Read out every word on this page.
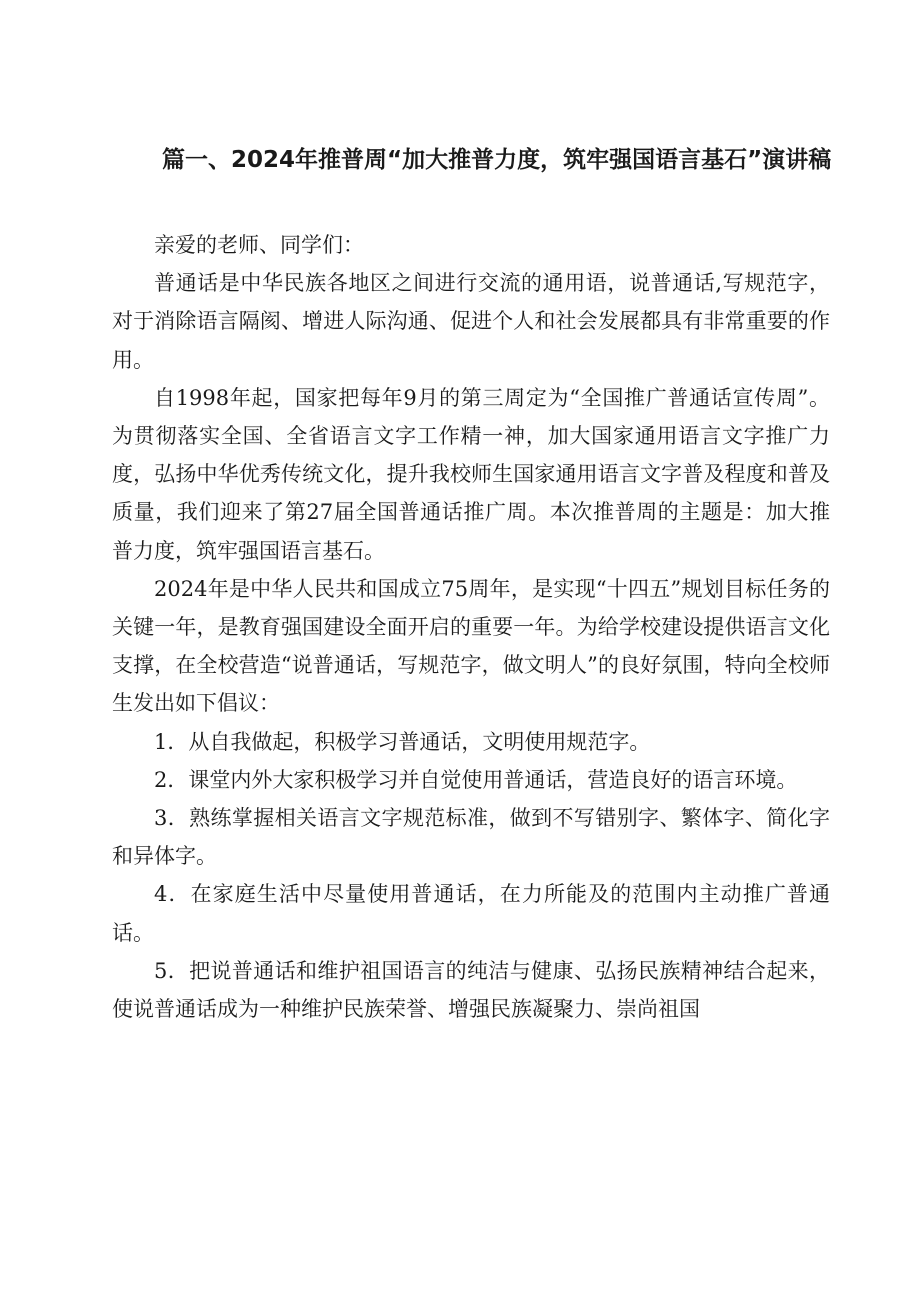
篇一、2024年推普周“加大推普力度，筑牢强国语言基石”演讲稿

亲爱的老师、同学们：

普通话是中华民族各地区之间进行交流的通用语，说普通话,写规范字，对于消除语言隔阂、增进人际沟通、促进个人和社会发展都具有非常重要的作用。

自1998年起，国家把每年9月的第三周定为“全国推广普通话宣传周”。为贯彻落实全国、全省语言文字工作精一神，加大国家通用语言文字推广力度，弘扬中华优秀传统文化，提升我校师生国家通用语言文字普及程度和普及质量，我们迎来了第27届全国普通话推广周。本次推普周的主题是：加大推普力度，筑牢强国语言基石。

2024年是中华人民共和国成立75周年，是实现“十四五”规划目标任务的关键一年，是教育强国建设全面开启的重要一年。为给学校建设提供语言文化支撑，在全校营造“说普通话，写规范字，做文明人”的良好氛围，特向全校师生发出如下倡议：

1．从自我做起，积极学习普通话，文明使用规范字。

2．课堂内外大家积极学习并自觉使用普通话，营造良好的语言环境。

3．熟练掌握相关语言文字规范标准，做到不写错别字、繁体字、简化字和异体字。

4．在家庭生活中尽量使用普通话，在力所能及的范围内主动推广普通话。

5．把说普通话和维护祖国语言的纯洁与健康、弘扬民族精神结合起来，使说普通话成为一种维护民族荣誉、增强民族凝聚力、崇尚祖国
